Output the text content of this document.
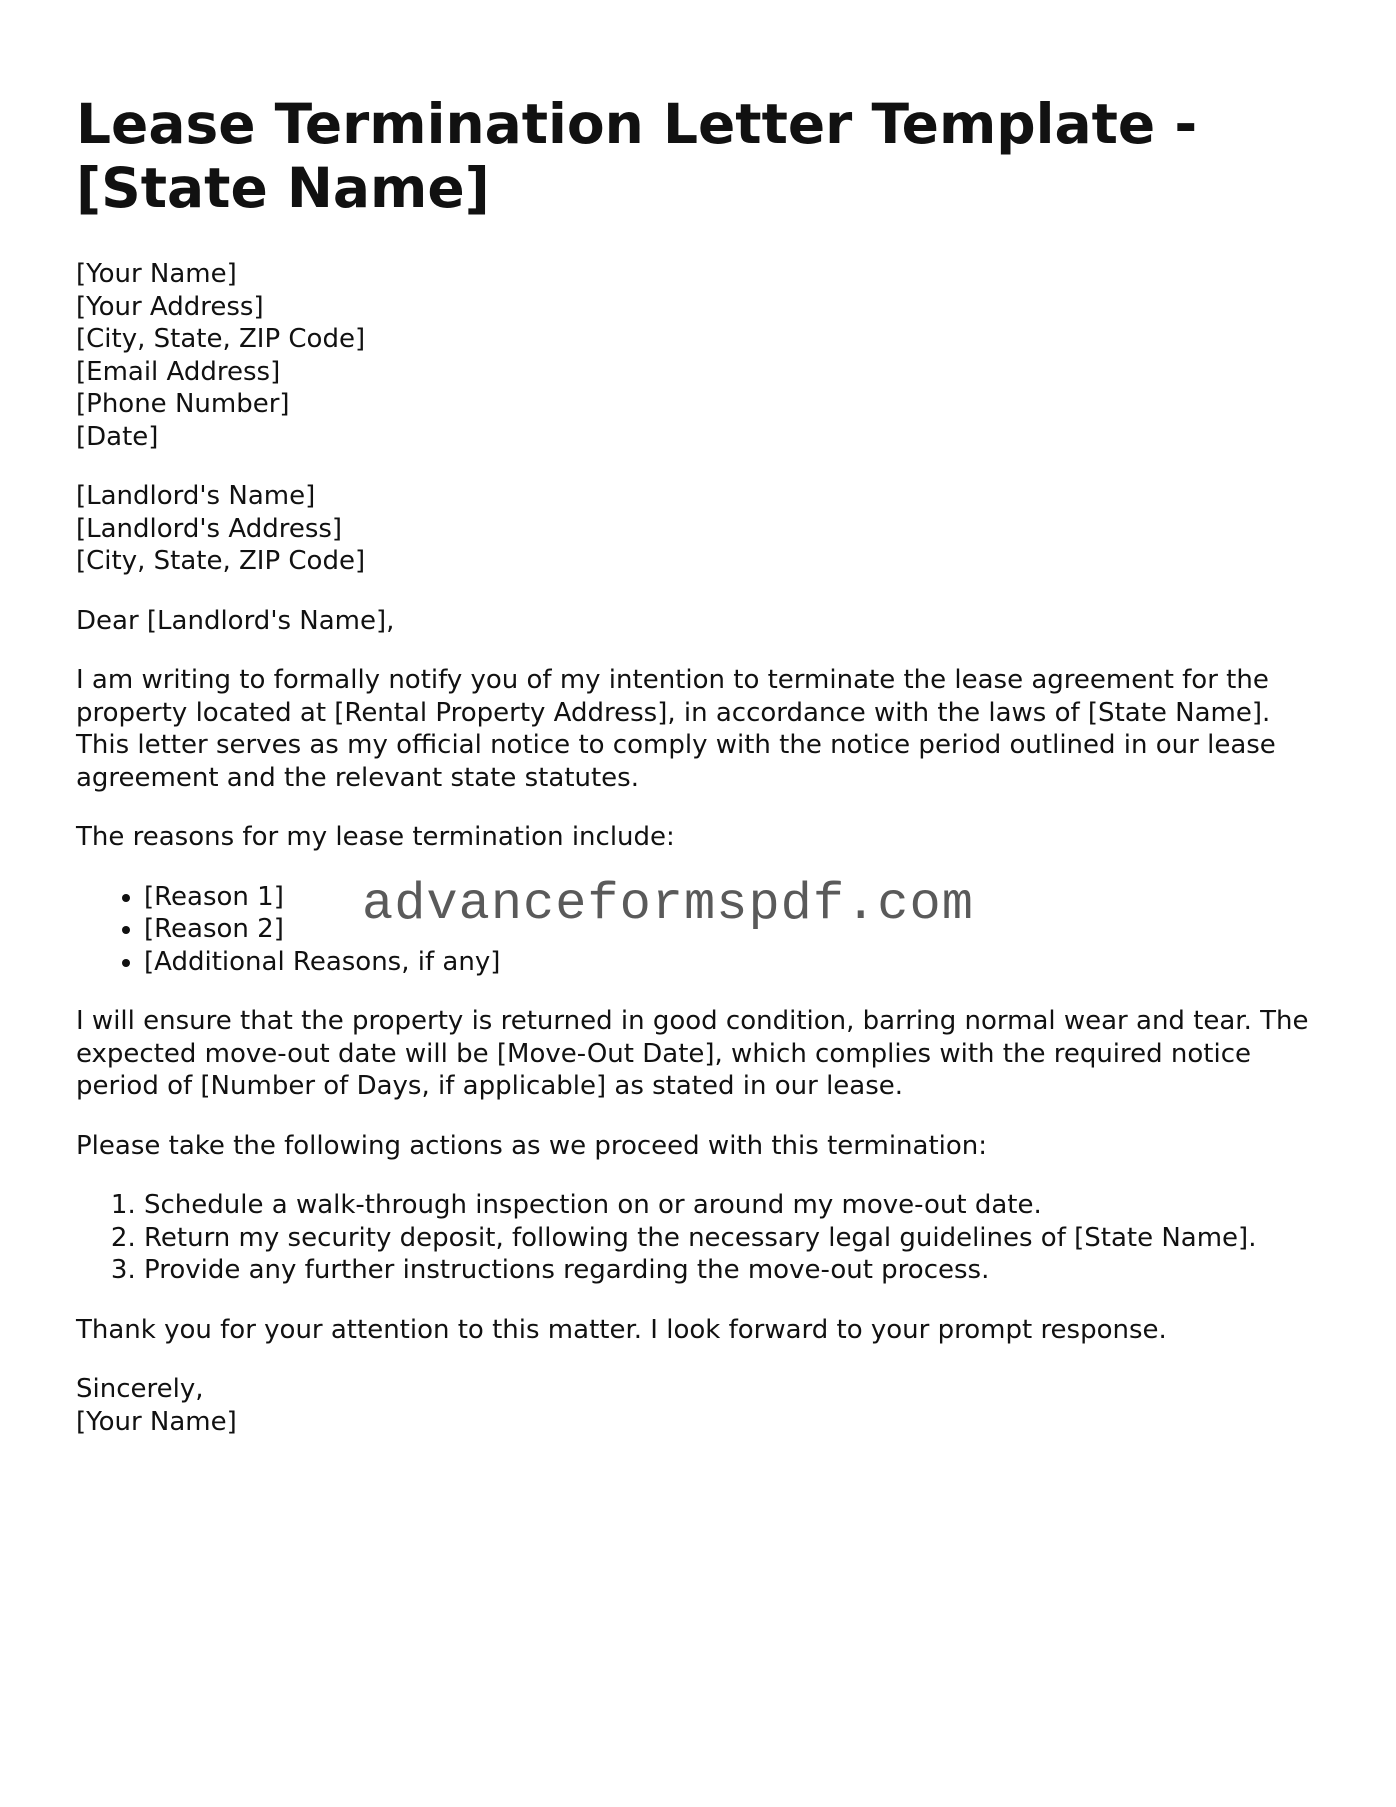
Lease Termination Letter Template - [State Name]
[Your Name]
[Your Address]
[City, State, ZIP Code]
[Email Address]
[Phone Number]
[Date]
[Landlord's Name]
[Landlord's Address]
[City, State, ZIP Code]

Dear [Landlord's Name],

I am writing to formally notify you of my intention to terminate the lease agreement for the property located at [Rental Property Address], in accordance with the laws of [State Name]. This letter serves as my official notice to comply with the notice period outlined in our lease agreement and the relevant state statutes.

The reasons for my lease termination include:

• [Reason 1]
• [Reason 2]
• [Additional Reasons, if any]
advanceformspdf.com

I will ensure that the property is returned in good condition, barring normal wear and tear. The expected move-out date will be [Move-Out Date], which complies with the required notice period of [Number of Days, if applicable] as stated in our lease.

Please take the following actions as we proceed with this termination:

1. Schedule a walk-through inspection on or around my move-out date.
2. Return my security deposit, following the necessary legal guidelines of [State Name].
3. Provide any further instructions regarding the move-out process.

Thank you for your attention to this matter. I look forward to your prompt response.

Sincerely,
[Your Name]
